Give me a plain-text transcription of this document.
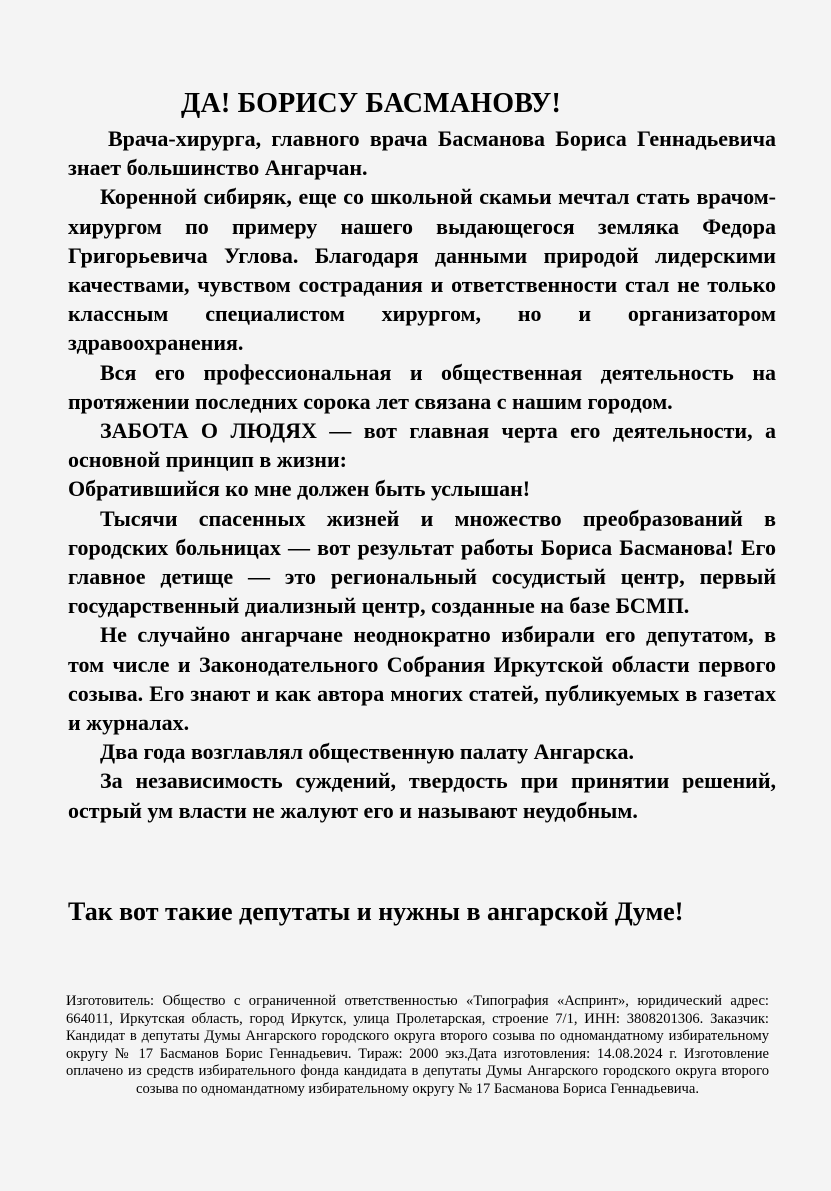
ДА! БОРИСУ БАСМАНОВУ!

Врача-хирурга, главного врача Басманова Бориса Геннадьевича знает большинство Ангарчан.

Коренной сибиряк, еще со школьной скамьи мечтал стать врачом-хирургом по примеру нашего выдающегося земляка Федора Григорьевича Углова. Благодаря данными природой лидерскими качествами, чувством сострадания и ответственности стал не только классным специалистом хирургом, но и организатором здравоохранения.

Вся его профессиональная и общественная деятельность на протяжении последних сорока лет связана с нашим городом.

ЗАБОТА О ЛЮДЯХ — вот главная черта его деятельности, а основной принцип в жизни:

Обратившийся ко мне должен быть услышан!

Тысячи спасенных жизней и множество преобразований в городских больницах — вот результат работы Бориса Басманова! Его главное детище — это региональный сосудистый центр, первый государственный диализный центр, созданные на базе БСМП.

Не случайно ангарчане неоднократно избирали его депутатом, в том числе и Законодательного Собрания Иркутской области первого созыва. Его знают и как автора многих статей, публикуемых в газетах и журналах.

Два года возглавлял общественную палату Ангарска.

За независимость суждений, твердость при принятии решений, острый ум власти не жалуют его и называют неудобным.

Так вот такие депутаты и нужны в ангарской Думе!
Изготовитель: Общество с ограниченной ответственностью «Типография «Аспринт», юридический адрес: 664011, Иркутская область, город Иркутск, улица Пролетарская, строение 7/1, ИНН: 3808201306. Заказчик: Кандидат в депутаты Думы Ангарского городского округа второго созыва по одномандатному избирательному округу № 17 Басманов Борис Геннадьевич. Тираж: 2000 экз.Дата изготовления: 14.08.2024 г. Изготовление оплачено из средств избирательного фонда кандидата в депутаты Думы Ангарского городского округа второго созыва по одномандатному избирательному округу № 17 Басманова Бориса Геннадьевича.
